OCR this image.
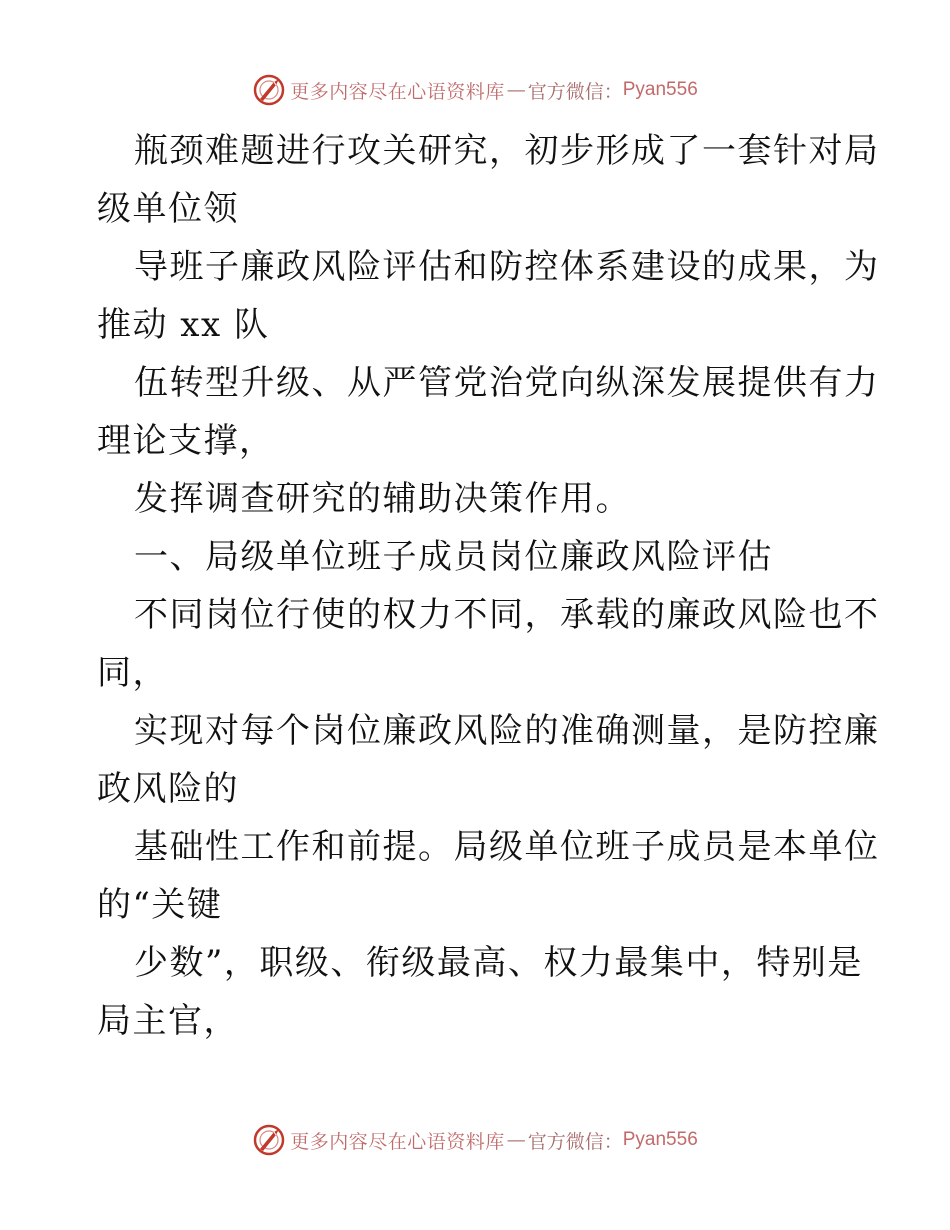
更多内容尽在心语资料库 — 官方微信： Pyan556
瓶颈难题进行攻关研究，初步形成了一套针对局
级单位领
导班子廉政风险评估和防控体系建设的成果，为
推动 xx 队
伍转型升级、从严管党治党向纵深发展提供有力
理论支撑，
发挥调查研究的辅助决策作用。
一、局级单位班子成员岗位廉政风险评估
不同岗位行使的权力不同，承载的廉政风险也不
同，
实现对每个岗位廉政风险的准确测量，是防控廉
政风险的
基础性工作和前提。局级单位班子成员是本单位
的“关键
少数”，职级、衔级最高、权力最集中，特别是
局主官，
更多内容尽在心语资料库 — 官方微信： Pyan556
